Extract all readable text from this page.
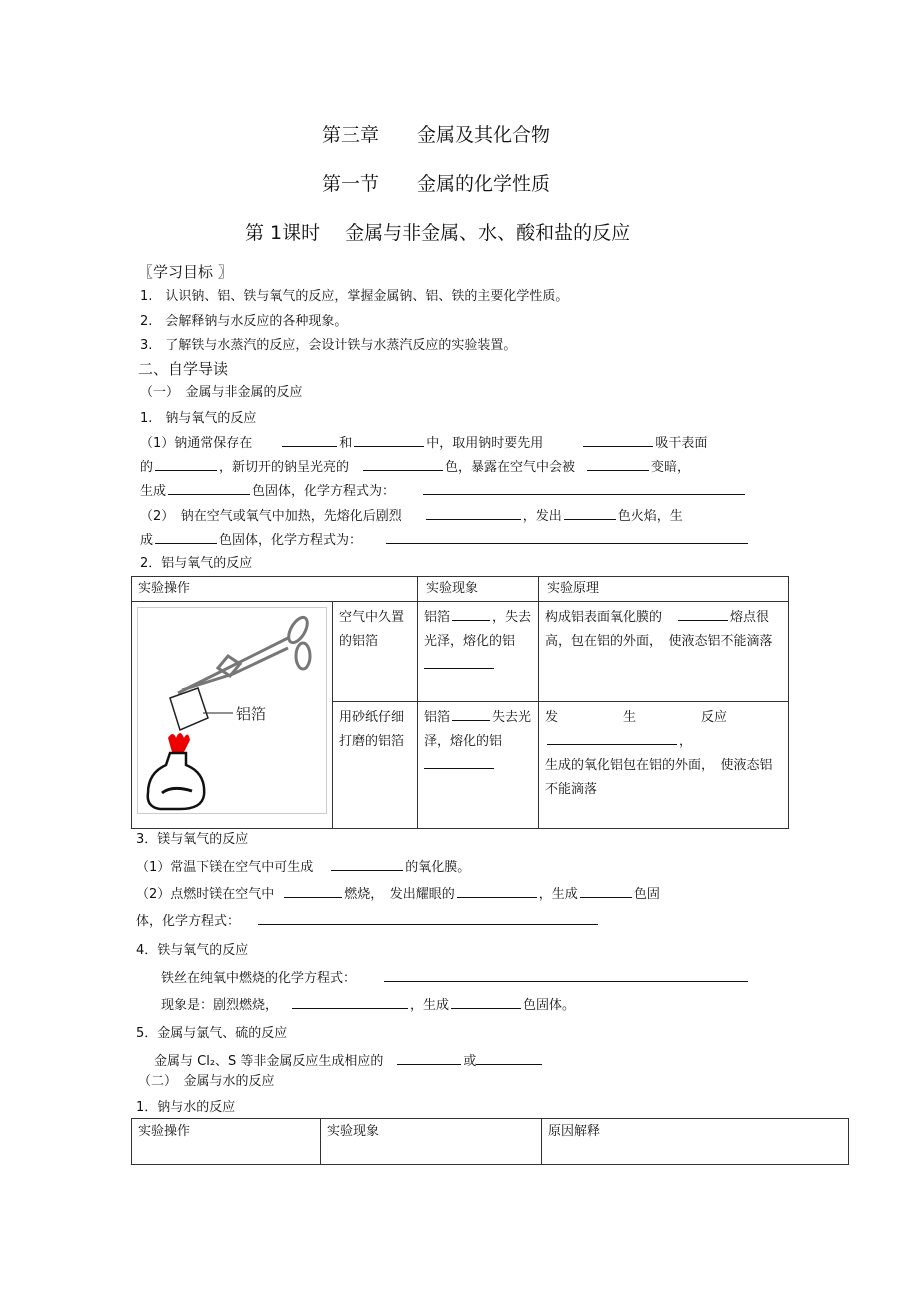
第三章　　金属及其化合物
第一节　　金属的化学性质
第 1课时　 金属与非金属、水、酸和盐的反应
〖学习目标 〗
1.　认识钠、铝、铁与氧气的反应，掌握金属钠、铝、铁的主要化学性质。
2.　会解释钠与水反应的各种现象。
3.　了解铁与水蒸汽的反应，会设计铁与水蒸汽反应的实验装置。
二、自学导读
（一）　金属与非金属的反应
1.　钠与氧气的反应
（1）钠通常保存在	和	中，取用钠时要先用	吸干表面
的	，新切开的钠呈光亮的	色，暴露在空气中会被	变暗，
生成	色固体，化学方程式为：
（2）　钠在空气或氧气中加热，先熔化后剧烈	，发出	色火焰，生
成	色固体，化学方程式为：
2．铝与氧气的反应
实验操作		实验现象	实验原理

铝箔	空气中久置的铝箔	铝箔 ，失去光泽，熔化的铝	构成铝表面氧化膜的 熔点很高，包在铝的外面，　使液态铝不能滴落
	用砂纸仔细打磨的铝箔	铝箔 失去光泽，熔化的铝	发　　　　　生　　　　　反应，
生成的氧化铝包在铝的外面，　使液态铝不能滴落
3．镁与氧气的反应
（1）常温下镁在空气中可生成	的氧化膜。
（2）点燃时镁在空气中	燃烧，　发出耀眼的	，生成	色固
体，化学方程式：
4．铁与氧气的反应
铁丝在纯氧中燃烧的化学方程式：
现象是：剧烈燃烧，	，生成	色固体。
5．金属与氯气、硫的反应
金属与 Cl₂、S 等非金属反应生成相应的	或
（二）　金属与水的反应
1．钠与水的反应
实验操作	实验现象	原因解释
